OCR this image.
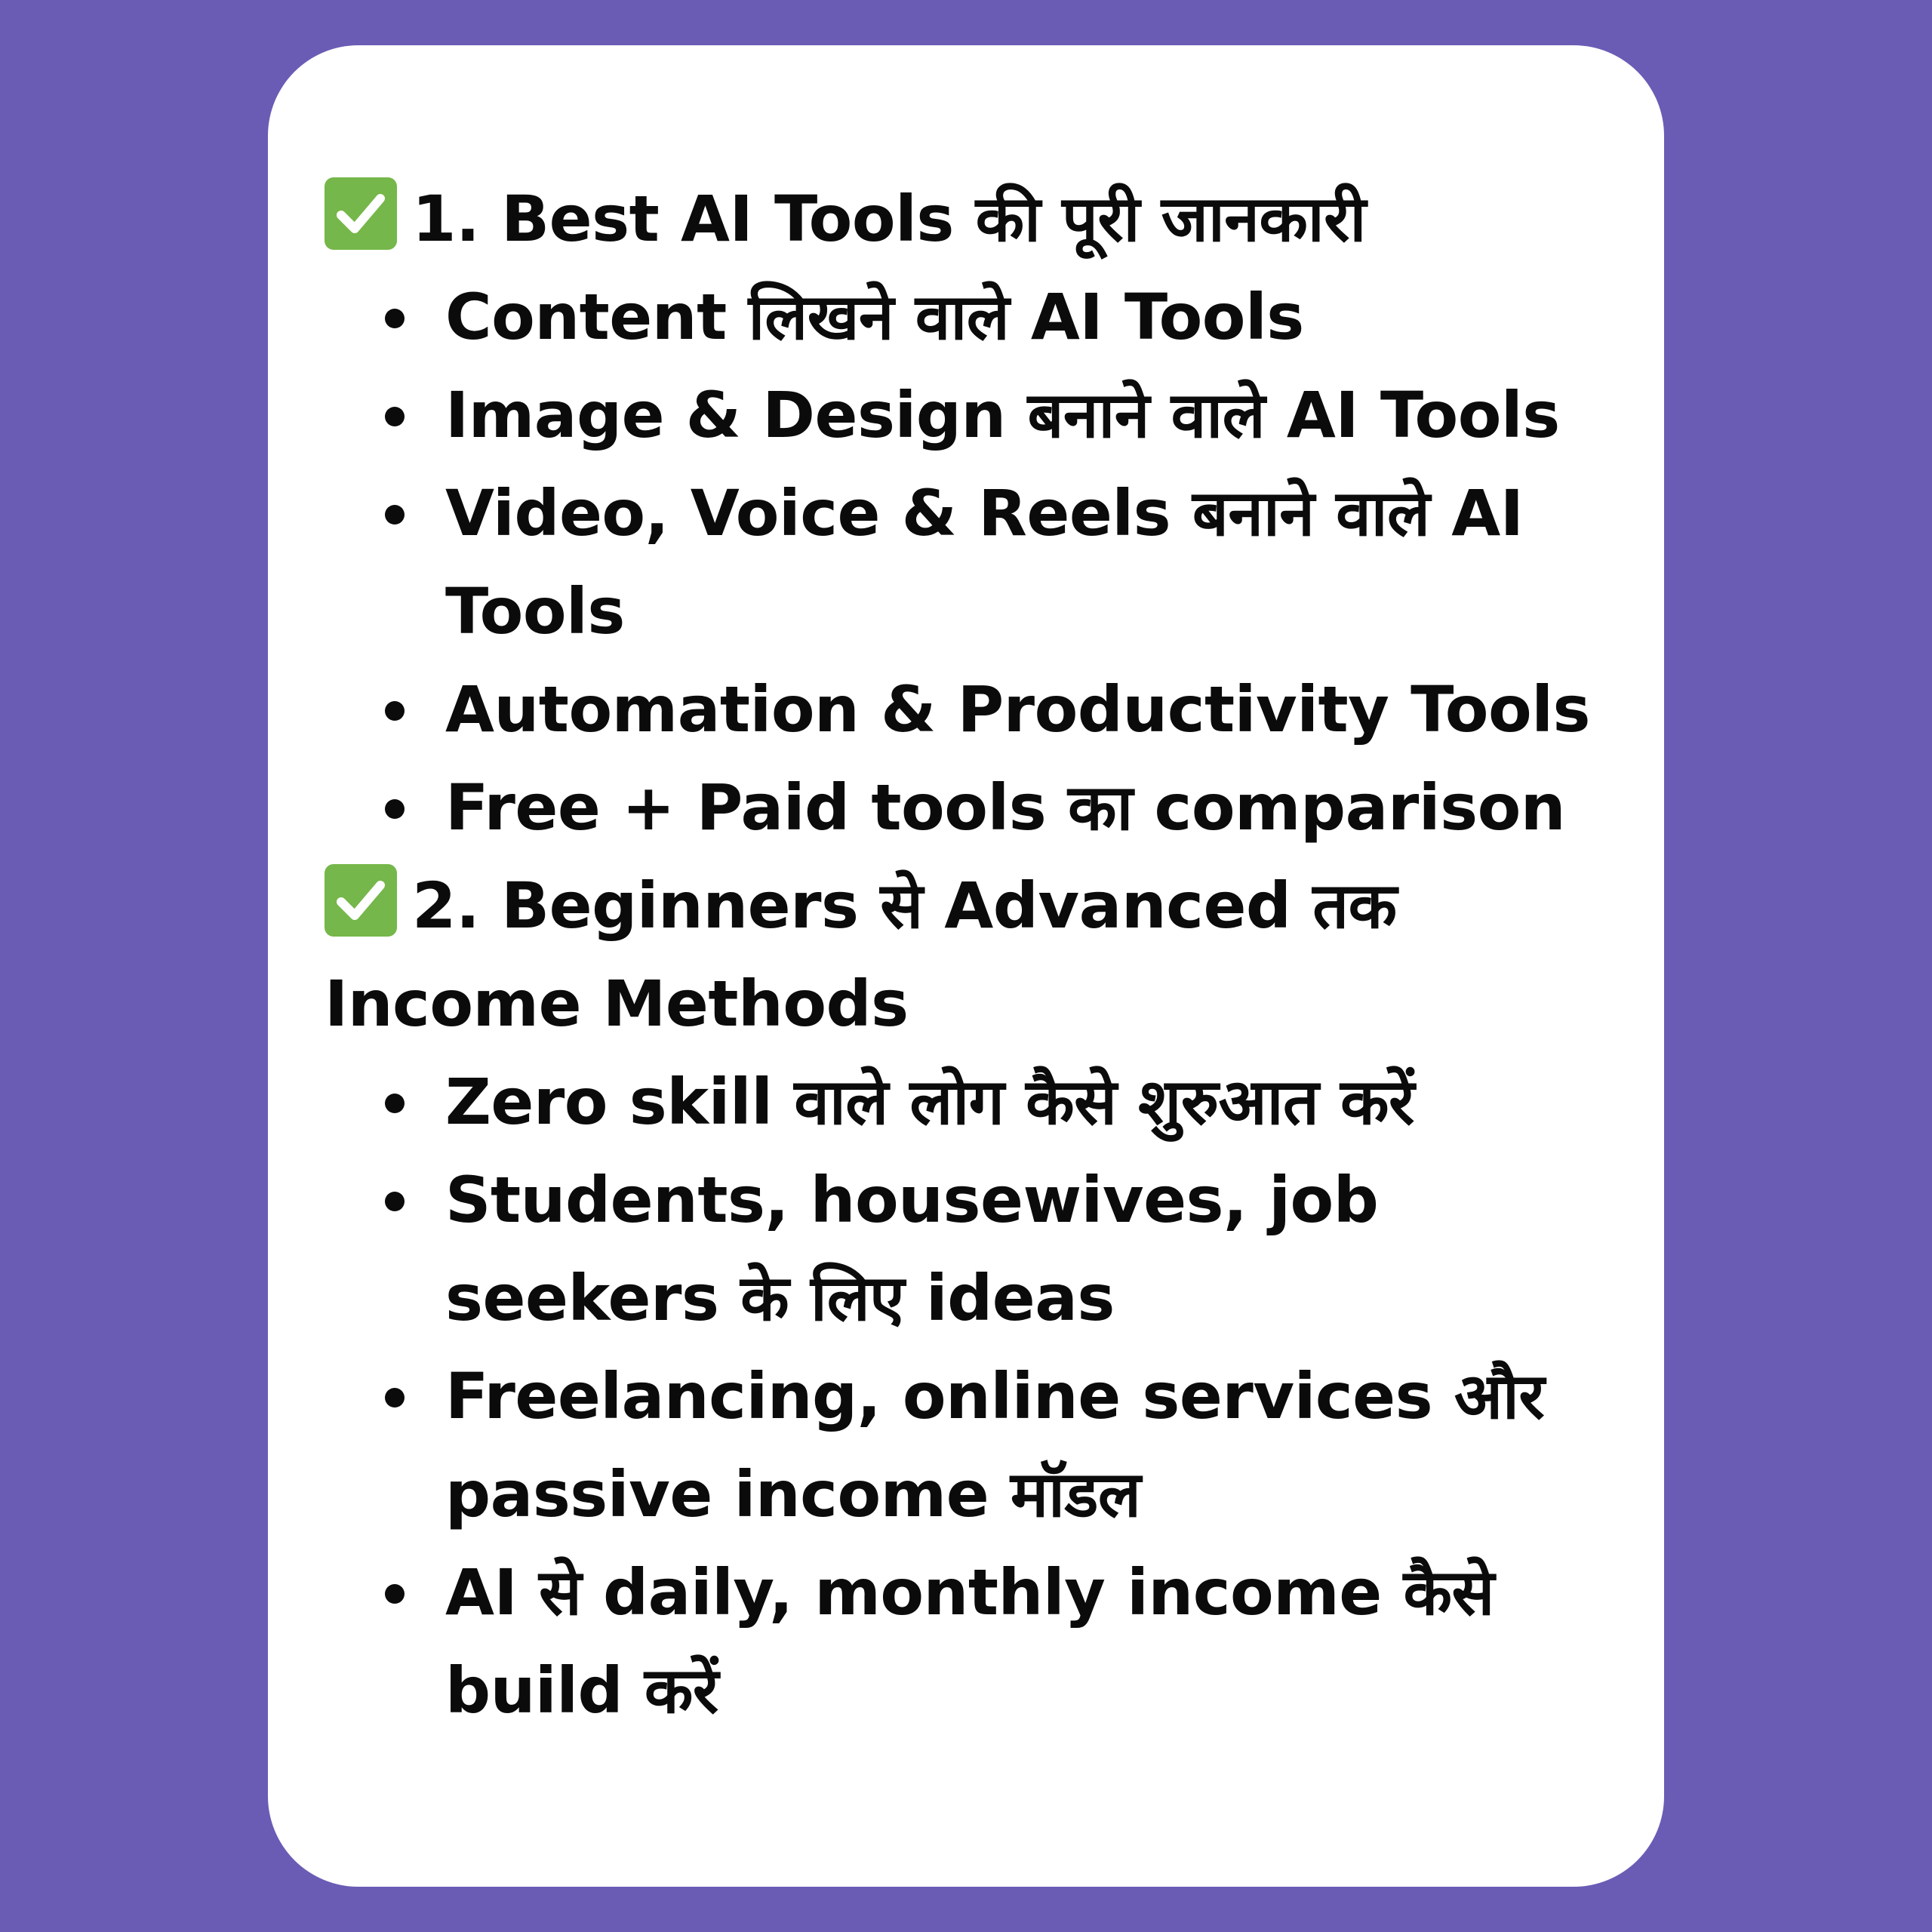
1. Best AI Tools की पूरी जानकारी

Content लिखने वाले AI Tools
Image & Design बनाने वाले AI Tools
Video, Voice & Reels बनाने वाले AI Tools
Automation & Productivity Tools
Free + Paid tools का comparison

2. Beginners से Advanced तक Income Methods

Zero skill वाले लोग कैसे शुरुआत करें
Students, housewives, job seekers के लिए ideas
Freelancing, online services और passive income मॉडल
AI से daily, monthly income कैसे build करें
